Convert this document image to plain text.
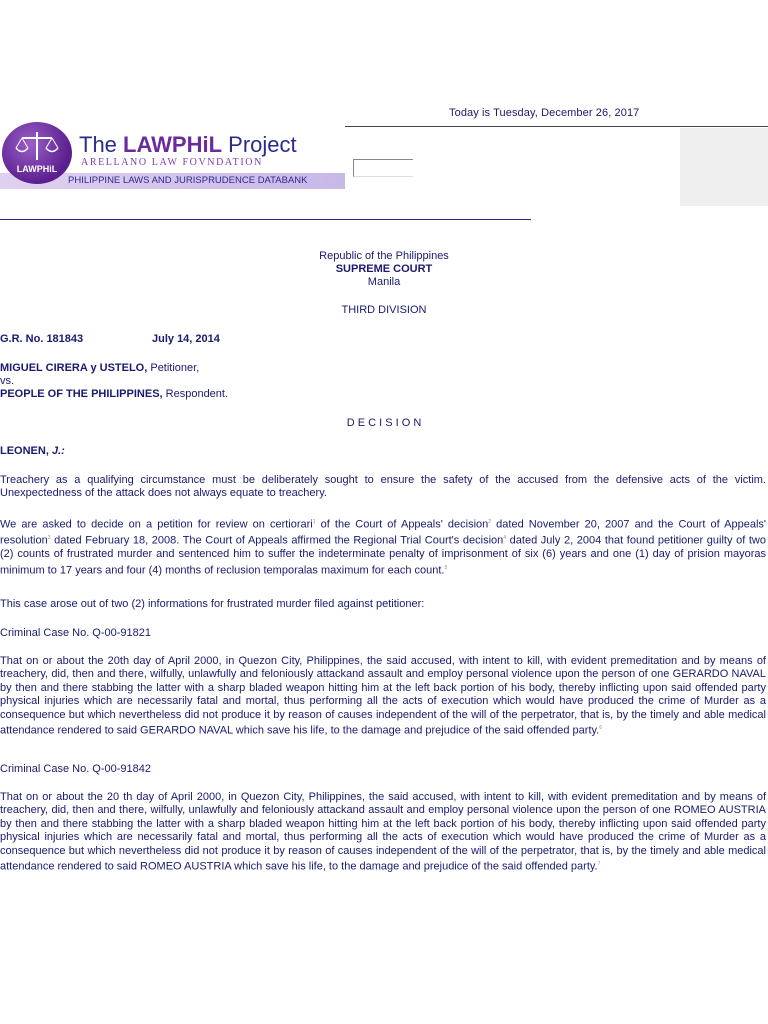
Today is Tuesday, December 26, 2017
PHILIPPINE LAWS AND JURISPRUDENCE DATABANK
LAWPHiL
The LAWPHiL Project
ARELLANO LAW FOVNDATION
Republic of the Philippines
SUPREME COURT
Manila
THIRD DIVISION
G.R. No. 181843	July 14, 2014
MIGUEL CIRERA y USTELO, Petitioner,
vs.
PEOPLE OF THE PHILIPPINES, Respondent.
D E C I S I O N
LEONEN, J.:
Treachery as a qualifying circumstance must be deliberately sought to ensure the safety of the accused from the defensive acts of the victim. Unexpectedness of the attack does not always equate to treachery.
We are asked to decide on a petition for review on certiorari$^1$ of the Court of Appeals' decision$^2$ dated November 20, 2007 and the Court of Appeals' resolution$^3$ dated February 18, 2008. The Court of Appeals affirmed the Regional Trial Court's decision$^4$ dated July 2, 2004 that found petitioner guilty of two (2) counts of frustrated murder and sentenced him to suffer the indeterminate penalty of imprisonment of six (6) years and one (1) day of prision mayoras minimum to 17 years and four (4) months of reclusion temporalas maximum for each count.$^5$
This case arose out of two (2) informations for frustrated murder filed against petitioner:
Criminal Case No. Q-00-91821
That on or about the 20th day of April 2000, in Quezon City, Philippines, the said accused, with intent to kill, with evident premeditation and by means of treachery, did, then and there, wilfully, unlawfully and feloniously attackand assault and employ personal violence upon the person of one GERARDO NAVAL by then and there stabbing the latter with a sharp bladed weapon hitting him at the left back portion of his body, thereby inflicting upon said offended party physical injuries which are necessarily fatal and mortal, thus performing all the acts of execution which would have produced the crime of Murder as a consequence but which nevertheless did not produce it by reason of causes independent of the will of the perpetrator, that is, by the timely and able medical attendance rendered to said GERARDO NAVAL which save his life, to the damage and prejudice of the said offended party.$^6$
Criminal Case No. Q-00-91842
That on or about the 20 th day of April 2000, in Quezon City, Philippines, the said accused, with intent to kill, with evident premeditation and by means of treachery, did, then and there, wilfully, unlawfully and feloniously attackand assault and employ personal violence upon the person of one ROMEO AUSTRIA by then and there stabbing the latter with a sharp bladed weapon hitting him at the left back portion of his body, thereby inflicting upon said offended party physical injuries which are necessarily fatal and mortal, thus performing all the acts of execution which would have produced the crime of Murder as a consequence but which nevertheless did not produce it by reason of causes independent of the will of the perpetrator, that is, by the timely and able medical attendance rendered to said ROMEO AUSTRIA which save his life, to the damage and prejudice of the said offended party.$^7$
